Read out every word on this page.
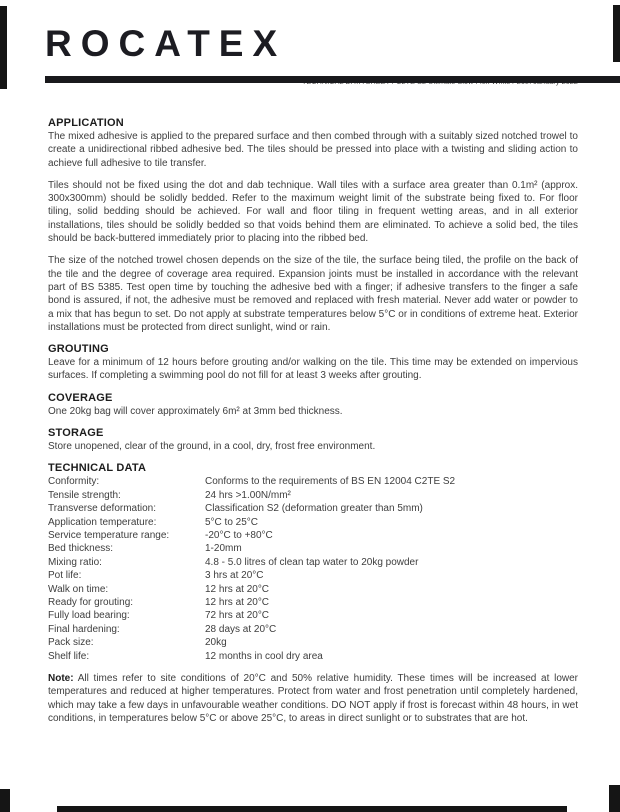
ROCATEX
APPLICATION

The mixed adhesive is applied to the prepared surface and then combed through with a suitably sized notched trowel to create a unidirectional ribbed adhesive bed. The tiles should be pressed into place with a twisting and sliding action to achieve full adhesive to tile transfer.

Tiles should not be fixed using the dot and dab technique. Wall tiles with a surface area greater than 0.1m² (approx. 300x300mm) should be solidly bedded. Refer to the maximum weight limit of the substrate being fixed to. For floor tiling, solid bedding should be achieved. For wall and floor tiling in frequent wetting areas, and in all exterior installations, tiles should be solidly bedded so that voids behind them are eliminated. To achieve a solid bed, the tiles should be back-buttered immediately prior to placing into the ribbed bed.

The size of the notched trowel chosen depends on the size of the tile, the surface being tiled, the profile on the back of the tile and the degree of coverage area required. Expansion joints must be installed in accordance with the relevant part of BS 5385. Test open time by touching the adhesive bed with a finger; if adhesive transfers to the finger a safe bond is assured, if not, the adhesive must be removed and replaced with fresh material. Never add water or powder to a mix that has begun to set. Do not apply at substrate temperatures below 5°C or in conditions of extreme heat. Exterior installations must be protected from direct sunlight, wind or rain.

GROUTING

Leave for a minimum of 12 hours before grouting and/or walking on the tile. This time may be extended on impervious surfaces. If completing a swimming pool do not fill for at least 3 weeks after grouting.

COVERAGE

One 20kg bag will cover approximately 6m² at 3mm bed thickness.

STORAGE

Store unopened, clear of the ground, in a cool, dry, frost free environment.

TECHNICAL DATA
Conformity:	Conforms to the requirements of BS EN 12004 C2TE S2
Tensile strength:	24 hrs >1.00N/mm²
Transverse deformation:	Classification S2 (deformation greater than 5mm)
Application temperature:	5°C to 25°C
Service temperature range:	-20°C to +80°C
Bed thickness:	1-20mm
Mixing ratio:	4.8 - 5.0 litres of clean tap water to 20kg powder
Pot life:	3 hrs at 20°C
Walk on time:	12 hrs at 20°C
Ready for grouting:	12 hrs at 20°C
Fully load bearing:	72 hrs at 20°C
Final hardening:	28 days at 20°C
Pack size:	20kg
Shelf life:	12 months in cool dry area

Note: All times refer to site conditions of 20°C and 50% relative humidity. These times will be increased at lower temperatures and reduced at higher temperatures. Protect from water and frost penetration until completely hardened, which may take a few days in unfavourable weather conditions. DO NOT apply if frost is forecast within 48 hours, in wet conditions, in temperatures below 5°C or above 25°C, to areas in direct sunlight or to substrates that are hot.
